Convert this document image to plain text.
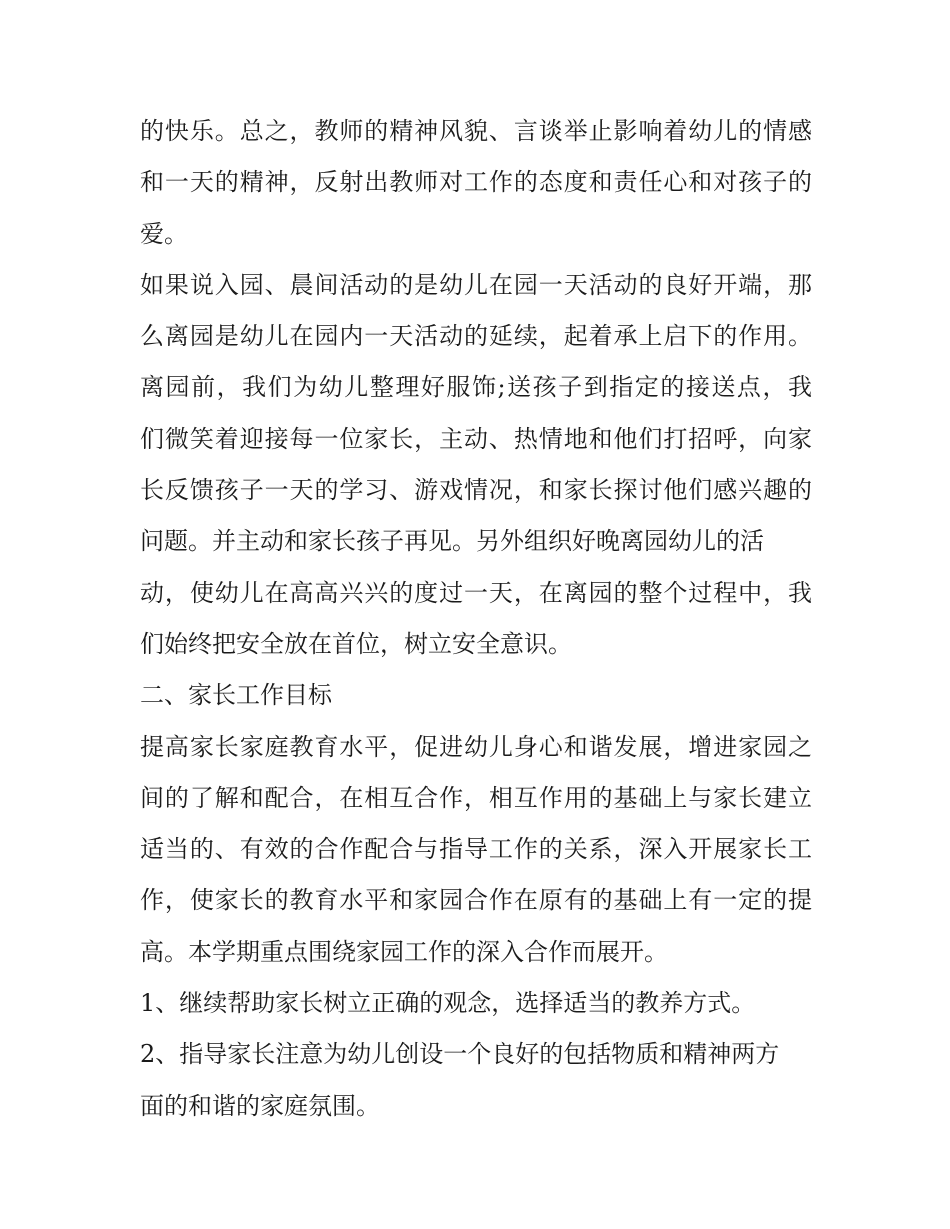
的快乐。总之，教师的精神风貌、言谈举止影响着幼儿的情感
和一天的精神，反射出教师对工作的态度和责任心和对孩子的
爱。
如果说入园、晨间活动的是幼儿在园一天活动的良好开端，那
么离园是幼儿在园内一天活动的延续，起着承上启下的作用。
离园前，我们为幼儿整理好服饰;送孩子到指定的接送点，我
们微笑着迎接每一位家长，主动、热情地和他们打招呼，向家
长反馈孩子一天的学习、游戏情况，和家长探讨他们感兴趣的
问题。并主动和家长孩子再见。另外组织好晚离园幼儿的活
动，使幼儿在高高兴兴的度过一天，在离园的整个过程中，我
们始终把安全放在首位，树立安全意识。
二、家长工作目标
提高家长家庭教育水平，促进幼儿身心和谐发展，增进家园之
间的了解和配合，在相互合作，相互作用的基础上与家长建立
适当的、有效的合作配合与指导工作的关系，深入开展家长工
作，使家长的教育水平和家园合作在原有的基础上有一定的提
高。本学期重点围绕家园工作的深入合作而展开。
1、继续帮助家长树立正确的观念，选择适当的教养方式。
2、指导家长注意为幼儿创设一个良好的包括物质和精神两方
面的和谐的家庭氛围。
